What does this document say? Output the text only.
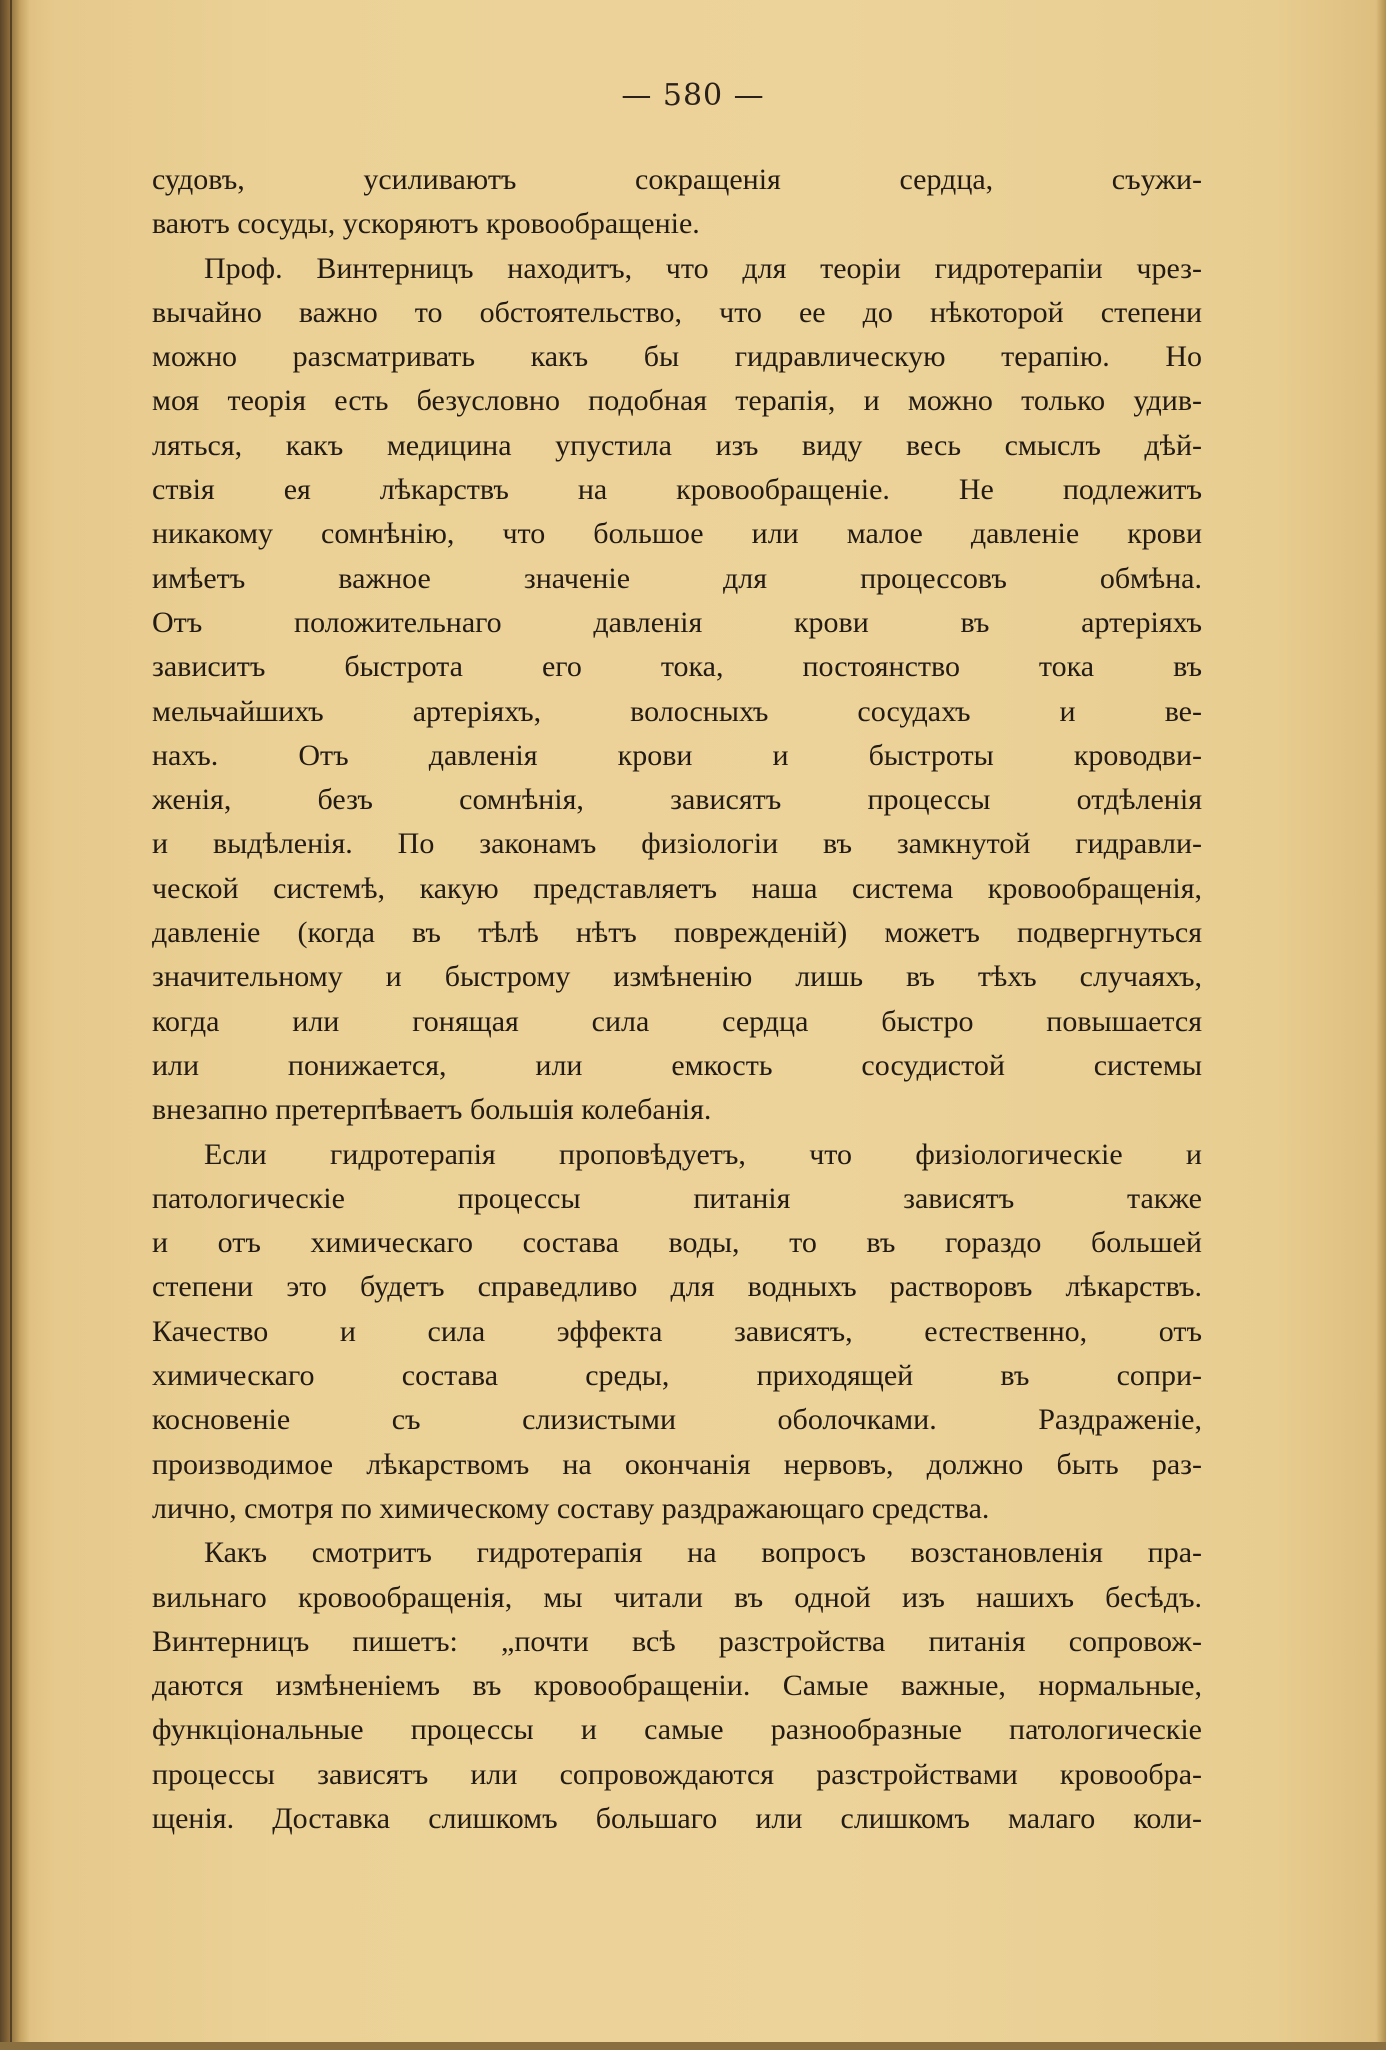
— 580 —
судовъ, усиливаютъ сокращенія сердца, съужи-
ваютъ сосуды, ускоряютъ кровообращеніе.
Проф. Винтерницъ находитъ, что для теоріи гидротерапіи чрез-
вычайно важно то обстоятельство, что ее до нѣкоторой степени
можно разсматривать какъ бы гидравлическую терапію. Но
моя теорія есть безусловно подобная терапія, и можно только удив-
ляться, какъ медицина упустила изъ виду весь смыслъ дѣй-
ствія ея лѣкарствъ на кровообращеніе. Не подлежитъ
никакому сомнѣнію, что большое или малое давленіе крови
имѣетъ важное значеніе для процессовъ обмѣна.
Отъ положительнаго давленія крови въ артеріяхъ
зависитъ быстрота его тока, постоянство тока въ
мельчайшихъ артеріяхъ, волосныхъ сосудахъ и ве-
нахъ. Отъ давленія крови и быстроты кроводви-
женія, безъ сомнѣнія, зависятъ процессы отдѣленія
и выдѣленія. По законамъ физіологіи въ замкнутой гидравли-
ческой системѣ, какую представляетъ наша система кровообращенія,
давленіе (когда въ тѣлѣ нѣтъ поврежденій) можетъ подвергнуться
значительному и быстрому измѣненію лишь въ тѣхъ случаяхъ,
когда или гонящая сила сердца быстро повышается
или понижается, или емкость сосудистой системы
внезапно претерпѣваетъ большія колебанія.
Если гидротерапія проповѣдуетъ, что физіологическіе и
патологическіе процессы питанія зависятъ также
и отъ химическаго состава воды, то въ гораздо большей
степени это будетъ справедливо для водныхъ растворовъ лѣкарствъ.
Качество и сила эффекта зависятъ, естественно, отъ
химическаго состава среды, приходящей въ сопри-
косновеніе съ слизистыми оболочками. Раздраженіе,
производимое лѣкарствомъ на окончанія нервовъ, должно быть раз-
лично, смотря по химическому составу раздражающаго средства.
Какъ смотритъ гидротерапія на вопросъ возстановленія пра-
вильнаго кровообращенія, мы читали въ одной изъ нашихъ бесѣдъ.
Винтерницъ пишетъ: „почти всѣ разстройства питанія сопровож-
даются измѣненіемъ въ кровообращеніи. Самые важные, нормальные,
функціональные процессы и самые разнообразные патологическіе
процессы зависятъ или сопровождаются разстройствами кровообра-
щенія. Доставка слишкомъ большаго или слишкомъ малаго коли-
